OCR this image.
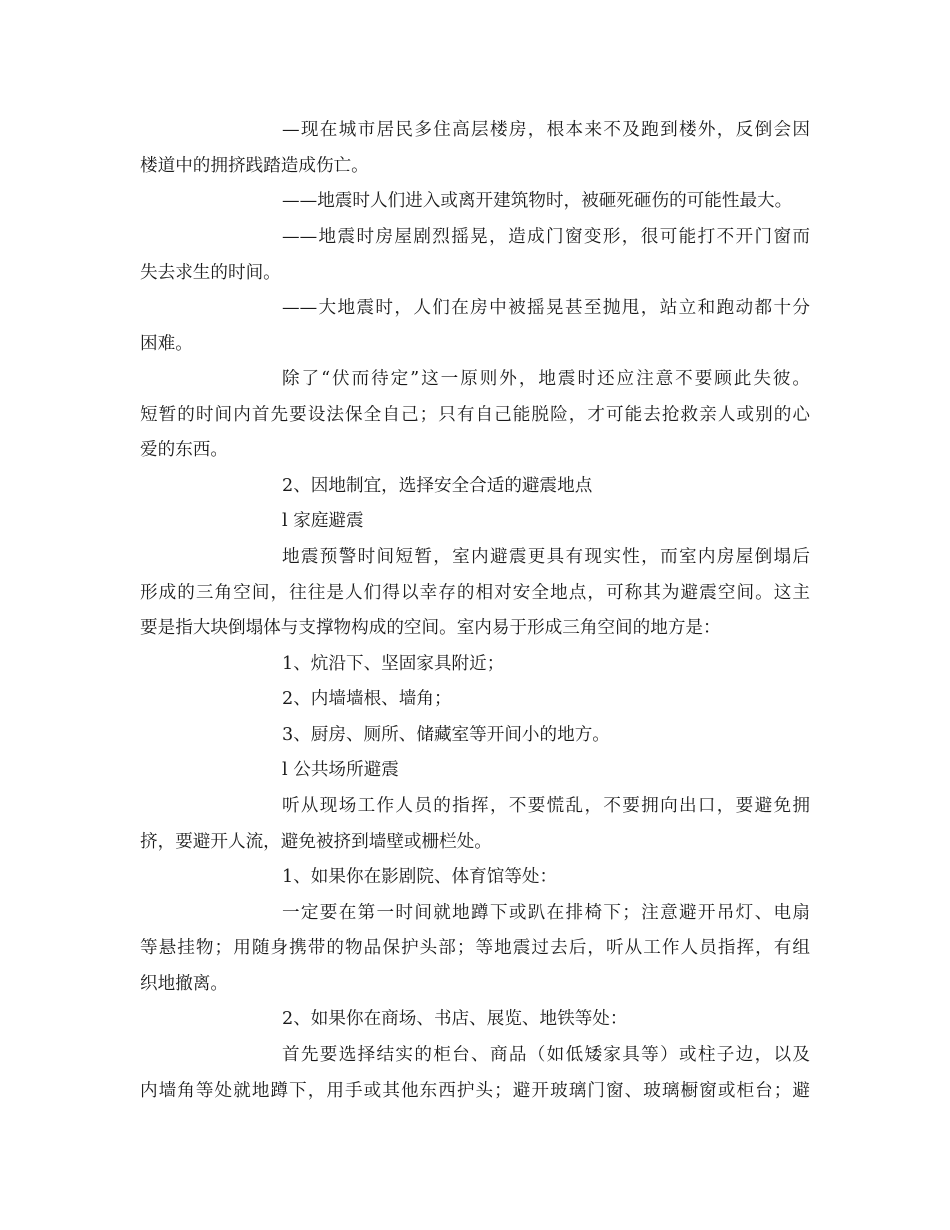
—现在城市居民多住高层楼房，根本来不及跑到楼外，反倒会因
楼道中的拥挤践踏造成伤亡。
——地震时人们进入或离开建筑物时，被砸死砸伤的可能性最大。
——地震时房屋剧烈摇晃，造成门窗变形，很可能打不开门窗而
失去求生的时间。
——大地震时，人们在房中被摇晃甚至抛甩，站立和跑动都十分
困难。
除了“伏而待定”这一原则外，地震时还应注意不要顾此失彼。
短暂的时间内首先要设法保全自己；只有自己能脱险，才可能去抢救亲人或别的心
爱的东西。
2、因地制宜，选择安全合适的避震地点
l 家庭避震
地震预警时间短暂，室内避震更具有现实性，而室内房屋倒塌后
形成的三角空间，往往是人们得以幸存的相对安全地点，可称其为避震空间。这主
要是指大块倒塌体与支撑物构成的空间。室内易于形成三角空间的地方是：
1、炕沿下、坚固家具附近；
2、内墙墙根、墙角；
3、厨房、厕所、储藏室等开间小的地方。
l 公共场所避震
听从现场工作人员的指挥，不要慌乱，不要拥向出口，要避免拥
挤，要避开人流，避免被挤到墙壁或栅栏处。
1、如果你在影剧院、体育馆等处：
一定要在第一时间就地蹲下或趴在排椅下；注意避开吊灯、电扇
等悬挂物；用随身携带的物品保护头部；等地震过去后，听从工作人员指挥，有组
织地撤离。
2、如果你在商场、书店、展览、地铁等处：
首先要选择结实的柜台、商品（如低矮家具等）或柱子边，以及
内墙角等处就地蹲下，用手或其他东西护头；避开玻璃门窗、玻璃橱窗或柜台；避
